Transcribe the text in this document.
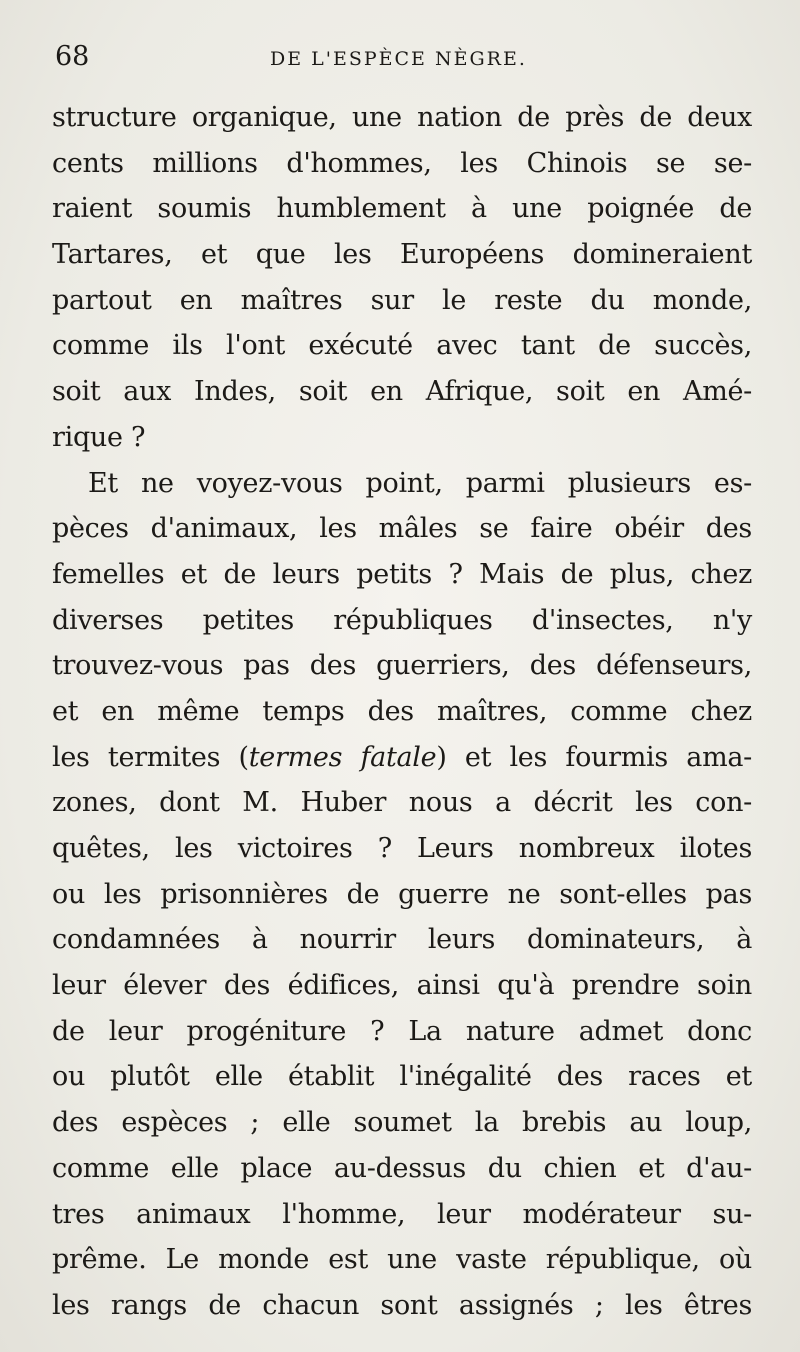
68	DE L'ESPÈCE NÈGRE.
structure organique, une nation de près de deux
cents millions d'hommes, les Chinois se se-
raient soumis humblement à une poignée de
Tartares, et que les Européens domineraient
partout en maîtres sur le reste du monde,
comme ils l'ont exécuté avec tant de succès,
soit aux Indes, soit en Afrique, soit en Amé-
rique ?
Et ne voyez-vous point, parmi plusieurs es-
pèces d'animaux, les mâles se faire obéir des
femelles et de leurs petits ? Mais de plus, chez
diverses petites républiques d'insectes, n'y
trouvez-vous pas des guerriers, des défenseurs,
et en même temps des maîtres, comme chez
les termites (termes fatale) et les fourmis ama-
zones, dont M. Huber nous a décrit les con-
quêtes, les victoires ? Leurs nombreux ilotes
ou les prisonnières de guerre ne sont-elles pas
condamnées à nourrir leurs dominateurs, à
leur élever des édifices, ainsi qu'à prendre soin
de leur progéniture ? La nature admet donc
ou plutôt elle établit l'inégalité des races et
des espèces ; elle soumet la brebis au loup,
comme elle place au-dessus du chien et d'au-
tres animaux l'homme, leur modérateur su-
prême. Le monde est une vaste république, où
les rangs de chacun sont assignés ; les êtres
